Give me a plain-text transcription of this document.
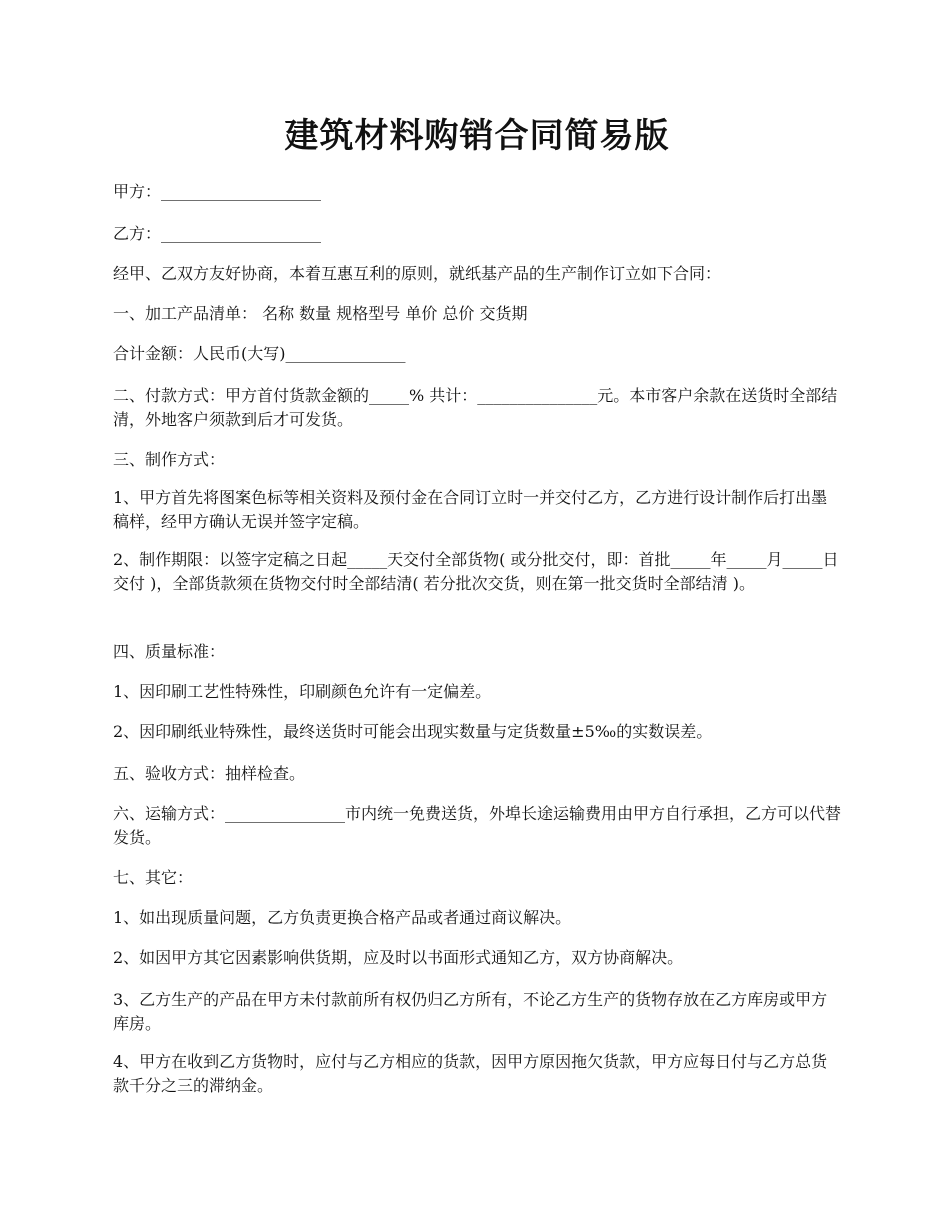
建筑材料购销合同简易版

甲方：____________________

乙方：____________________

经甲、乙双方友好协商，本着互惠互利的原则，就纸基产品的生产制作订立如下合同：

一、加工产品清单： 名称 数量 规格型号 单价 总价 交货期

合计金额：人民币(大写)_______________

二、付款方式：甲方首付货款金额的_____% 共计：_______________元。本市客户余款在送货时全部结清，外地客户须款到后才可发货。

三、制作方式：

1、甲方首先将图案色标等相关资料及预付金在合同订立时一并交付乙方，乙方进行设计制作后打出墨稿样，经甲方确认无误并签字定稿。

2、制作期限：以签字定稿之日起_____天交付全部货物( 或分批交付，即：首批_____年_____月_____日交付 )，全部货款须在货物交付时全部结清( 若分批次交货，则在第一批交货时全部结清 )。

四、质量标准：

1、因印刷工艺性特殊性，印刷颜色允许有一定偏差。

2、因印刷纸业特殊性，最终送货时可能会出现实数量与定货数量±5‰的实数误差。

五、验收方式：抽样检查。

六、运输方式：_______________市内统一免费送货，外埠长途运输费用由甲方自行承担，乙方可以代替发货。

七、其它：

1、如出现质量问题，乙方负责更换合格产品或者通过商议解决。

2、如因甲方其它因素影响供货期，应及时以书面形式通知乙方，双方协商解决。

3、乙方生产的产品在甲方未付款前所有权仍归乙方所有，不论乙方生产的货物存放在乙方库房或甲方库房。

4、甲方在收到乙方货物时，应付与乙方相应的货款，因甲方原因拖欠货款，甲方应每日付与乙方总货款千分之三的滞纳金。
